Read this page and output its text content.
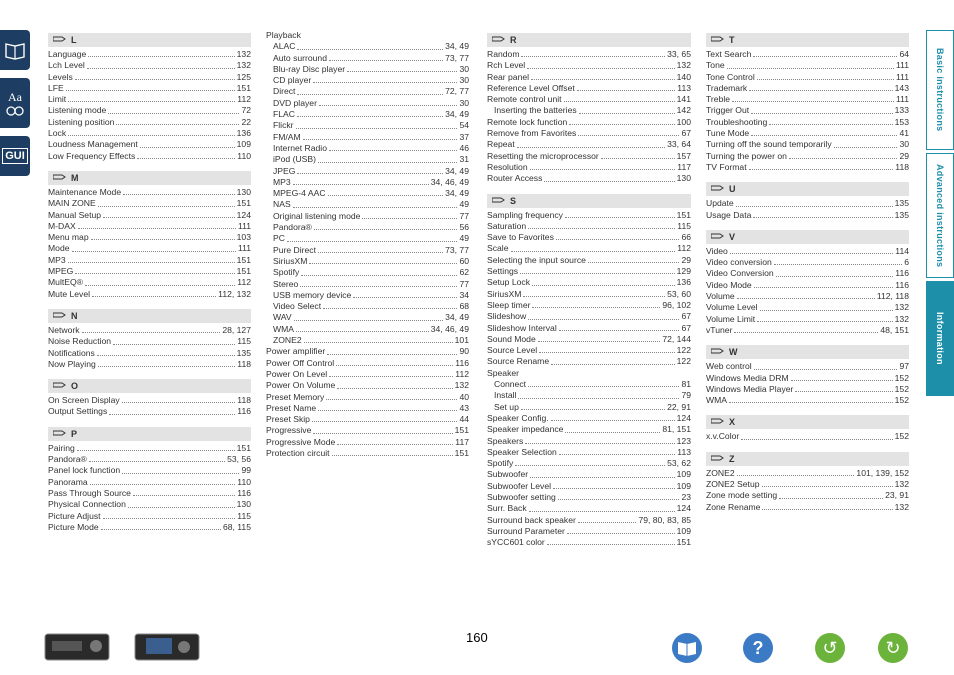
Aa
GUI
L
Language	132
Lch Level	132
Levels	125
LFE	151
Limit	112
Listening mode	72
Listening position	22
Lock	136
Loudness Management	109
Low Frequency Effects	110
M
Maintenance Mode	130
MAIN ZONE	151
Manual Setup	124
M-DAX	111
Menu map	103
Mode	111
MP3	151
MPEG	151
MultEQ®	112
Mute Level	112, 132
N
Network	28, 127
Noise Reduction	115
Notifications	135
Now Playing	118
O
On Screen Display	118
Output Settings	116
P
Pairing	151
Pandora®	53, 56
Panel lock function	99
Panorama	110
Pass Through Source	116
Physical Connection	130
Picture Adjust	115
Picture Mode	68, 115
Playback
ALAC	34, 49
Auto surround	73, 77
Blu-ray Disc player	30
CD player	30
Direct	72, 77
DVD player	30
FLAC	34, 49
Flickr	54
FM/AM	37
Internet Radio	46
iPod (USB)	31
JPEG	34, 49
MP3	34, 46, 49
MPEG-4 AAC	34, 49
NAS	49
Original listening mode	77
Pandora®	56
PC	49
Pure Direct	73, 77
SiriusXM	60
Spotify	62
Stereo	77
USB memory device	34
Video Select	68
WAV	34, 49
WMA	34, 46, 49
ZONE2	101
Power amplifier	90
Power Off Control	116
Power On Level	112
Power On Volume	132
Preset Memory	40
Preset Name	43
Preset Skip	44
Progressive	151
Progressive Mode	117
Protection circuit	151
R
Random	33, 65
Rch Level	132
Rear panel	140
Reference Level Offset	113
Remote control unit	141
Inserting the batteries	142
Remote lock function	100
Remove from Favorites	67
Repeat	33, 64
Resetting the microprocessor	157
Resolution	117
Router Access	130
S
Sampling frequency	151
Saturation	115
Save to Favorites	66
Scale	112
Selecting the input source	29
Settings	129
Setup Lock	136
SiriusXM	53, 60
Sleep timer	96, 102
Slideshow	67
Slideshow Interval	67
Sound Mode	72, 144
Source Level	122
Source Rename	122
Speaker
Connect	81
Install	79
Set up	22, 91
Speaker Config.	124
Speaker impedance	81, 151
Speakers	123
Speaker Selection	113
Spotify	53, 62
Subwoofer	109
Subwoofer Level	109
Subwoofer setting	23
Surr. Back	124
Surround back speaker	79, 80, 83, 85
Surround Parameter	109
sYCC601 color	151
T
Text Search	64
Tone	111
Tone Control	111
Trademark	143
Treble	111
Trigger Out	133
Troubleshooting	153
Tune Mode	41
Turning off the sound temporarily	30
Turning the power on	29
TV Format	118
U
Update	135
Usage Data	135
V
Video	114
Video conversion	6
Video Conversion	116
Video Mode	116
Volume	112, 118
Volume Level	132
Volume Limit	132
vTuner	48, 151
W
Web control	97
Windows Media DRM	152
Windows Media Player	152
WMA	152
X
x.v.Color	152
Z
ZONE2	101, 139, 152
ZONE2 Setup	132
Zone mode setting	23, 91
Zone Rename	132
Basic instructions
Advanced instructions
Information
160	?	↺	↻
